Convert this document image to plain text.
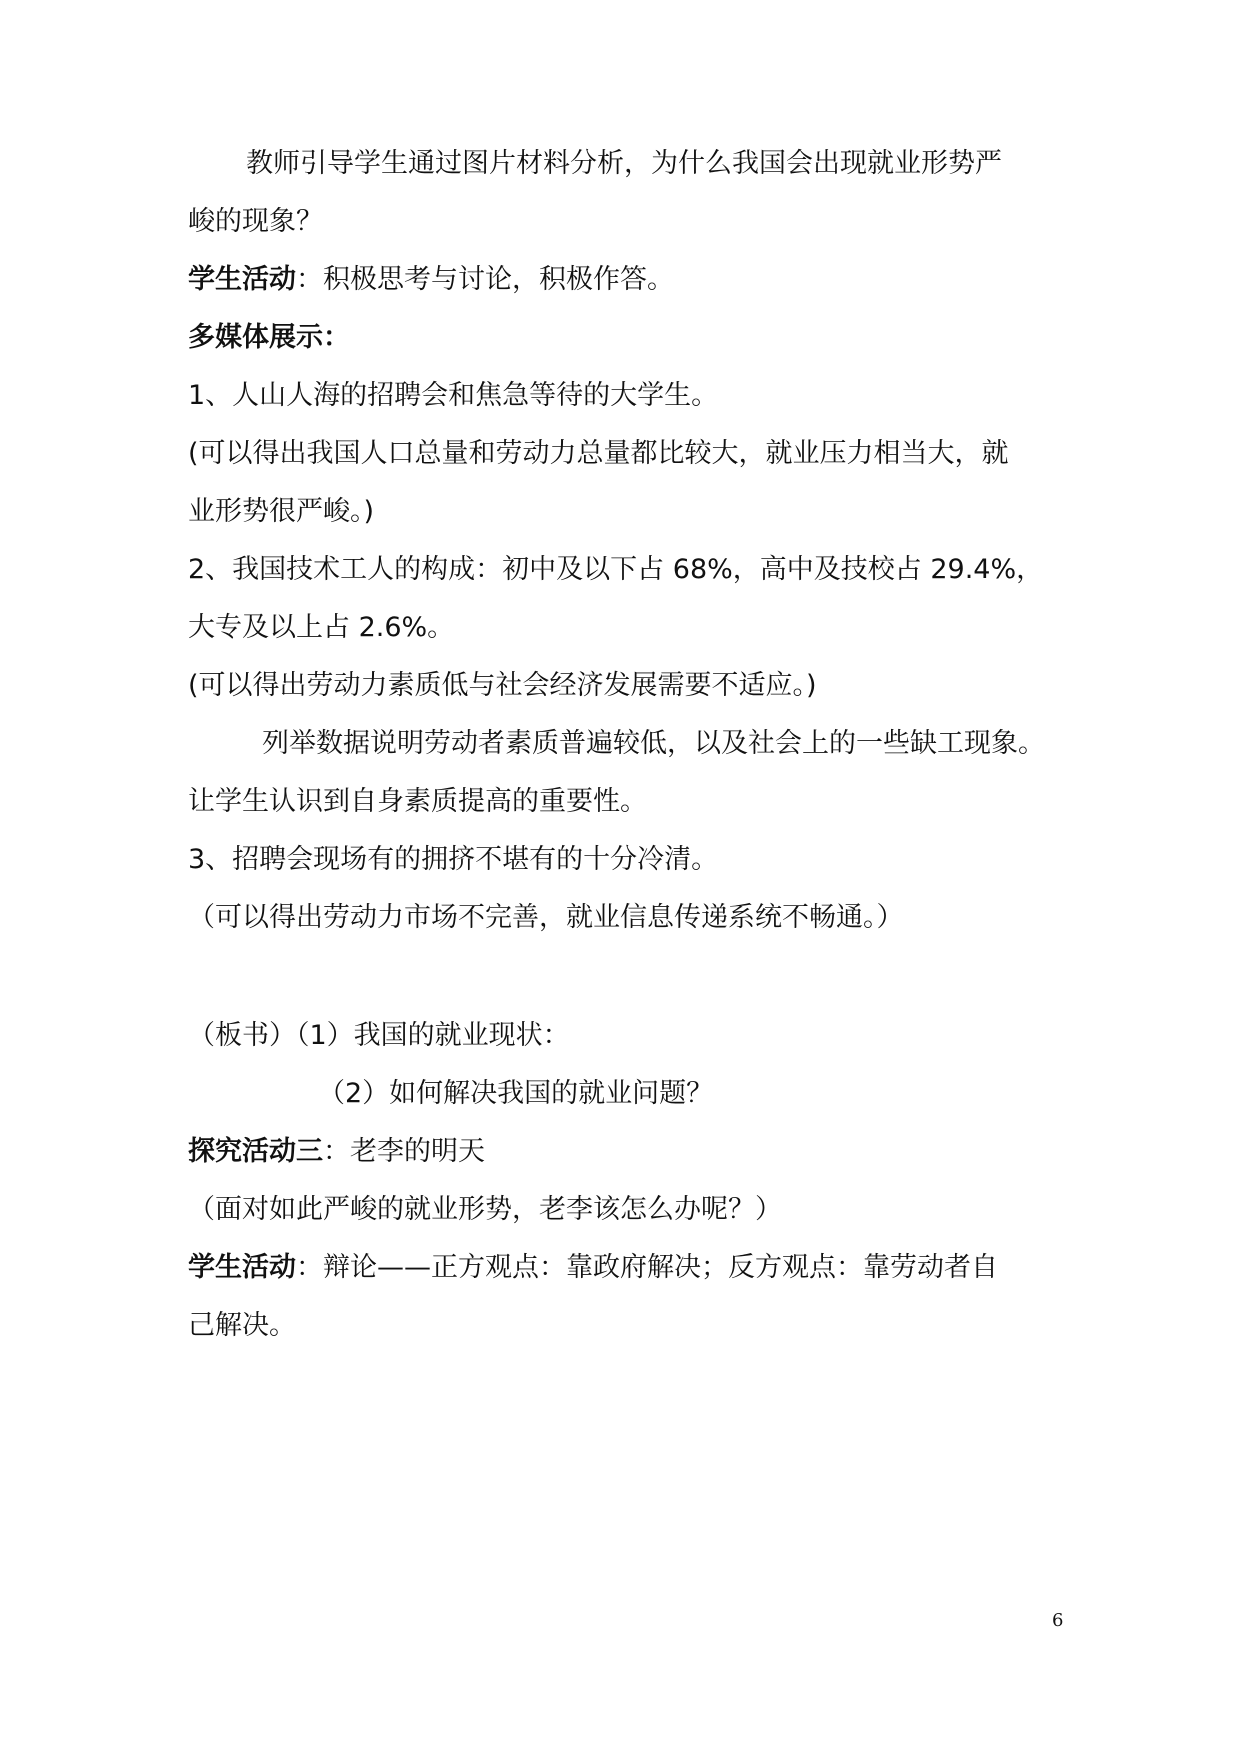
教师引导学生通过图片材料分析，为什么我国会出现就业形势严
峻的现象？
学生活动：积极思考与讨论，积极作答。
多媒体展示：
1、人山人海的招聘会和焦急等待的大学生。
(可以得出我国人口总量和劳动力总量都比较大，就业压力相当大，就
业形势很严峻。)
2、我国技术工人的构成：初中及以下占 68%，高中及技校占 29.4%，
大专及以上占 2.6%。
(可以得出劳动力素质低与社会经济发展需要不适应。)
列举数据说明劳动者素质普遍较低，以及社会上的一些缺工现象。
让学生认识到自身素质提高的重要性。
3、招聘会现场有的拥挤不堪有的十分冷清。
（可以得出劳动力市场不完善，就业信息传递系统不畅通。）
（板书）（1）我国的就业现状：
（2）如何解决我国的就业问题？
探究活动三：老李的明天
（面对如此严峻的就业形势，老李该怎么办呢？）
学生活动：辩论——正方观点：靠政府解决；反方观点：靠劳动者自
己解决。
6
